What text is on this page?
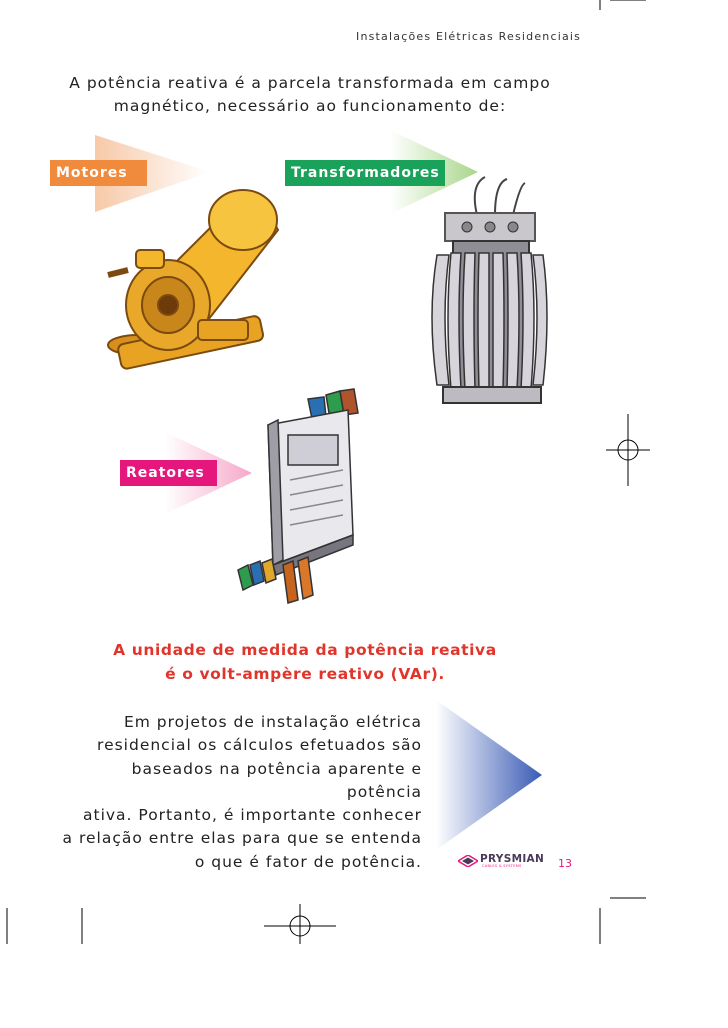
Instalações Elétricas Residenciais
A potência reativa é a parcela transformada em campo
magnético, necessário ao funcionamento de:
Motores	Transformadores
Reatores
A unidade de medida da potência reativa
é o volt-ampère reativo (VAr).
Em projetos de instalação elétrica
residencial os cálculos efetuados são
baseados na potência aparente e potência
ativa. Portanto, é importante conhecer
a relação entre elas para que se entenda
o que é fator de potência.	PRYSMIAN
CABLES & SYSTEMS	13
